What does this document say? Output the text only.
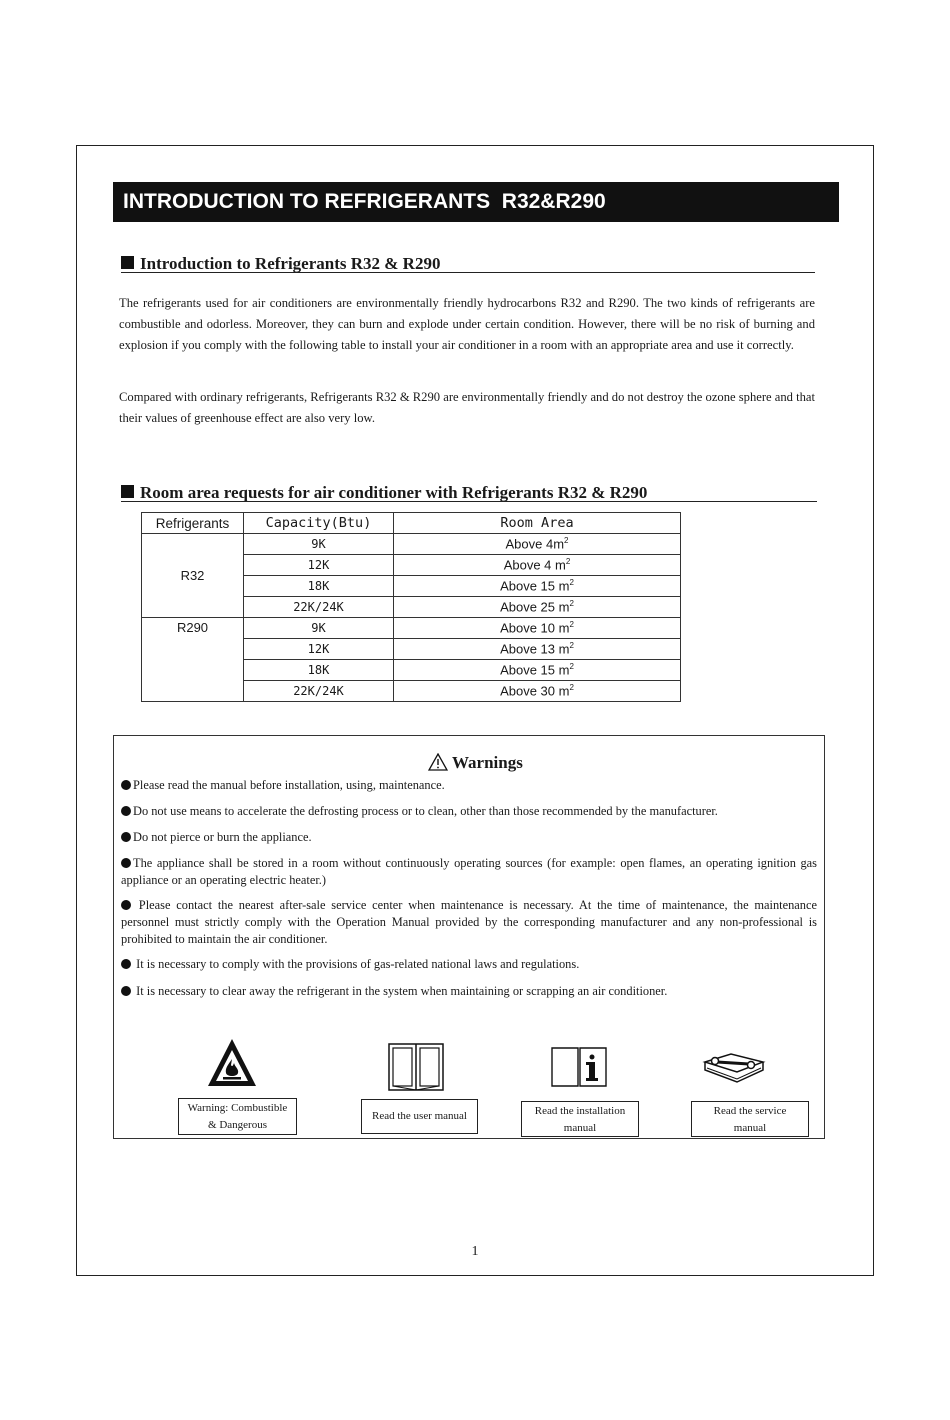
INTRODUCTION TO REFRIGERANTS  R32&R290
Introduction to Refrigerants R32 & R290
The refrigerants used for air conditioners are environmentally friendly hydrocarbons R32 and R290. The two kinds of refrigerants are combustible and odorless. Moreover, they can burn and explode under certain condition. However, there will be no risk of burning and explosion if you comply with the following table to install your air conditioner in a room with an appropriate area and use it correctly.
Compared with ordinary refrigerants, Refrigerants R32 & R290 are environmentally friendly and do not destroy the ozone sphere and that their values of greenhouse effect are also very low.
Room area requests for air conditioner with Refrigerants R32 & R290
Refrigerants	Capacity(Btu)	Room Area
R32	9K	Above $4m^2$
	12K	Above 4 $m^2$
	18K	Above 15 $m^2$
	22K/24K	Above 25 $m^2$
R290	9K	Above 10 $m^2$
	12K	Above 13 $m^2$
	18K	Above 15 $m^2$
	22K/24K	Above 30 $m^2$
Warnings
Please read the manual before installation, using, maintenance.
Do not use means to accelerate the defrosting process or to clean, other than those recommended by the manufacturer.
Do not pierce or burn the appliance.
The appliance shall be stored in a room without continuously operating sources (for example: open flames, an operating ignition gas appliance or an operating electric heater.)
Please contact the nearest after-sale service center when maintenance is necessary. At the time of maintenance, the maintenance personnel must strictly comply with the Operation Manual provided by the corresponding manufacturer and any non-professional is prohibited to maintain the air conditioner.
It is necessary to comply with the provisions of gas-related national laws and regulations.
It is necessary to clear away the refrigerant in the system when maintaining or scrapping an air conditioner.
Warning: Combustible
& Dangerous
Read the user manual	Read the installation
manual
Read the service
manual
1
